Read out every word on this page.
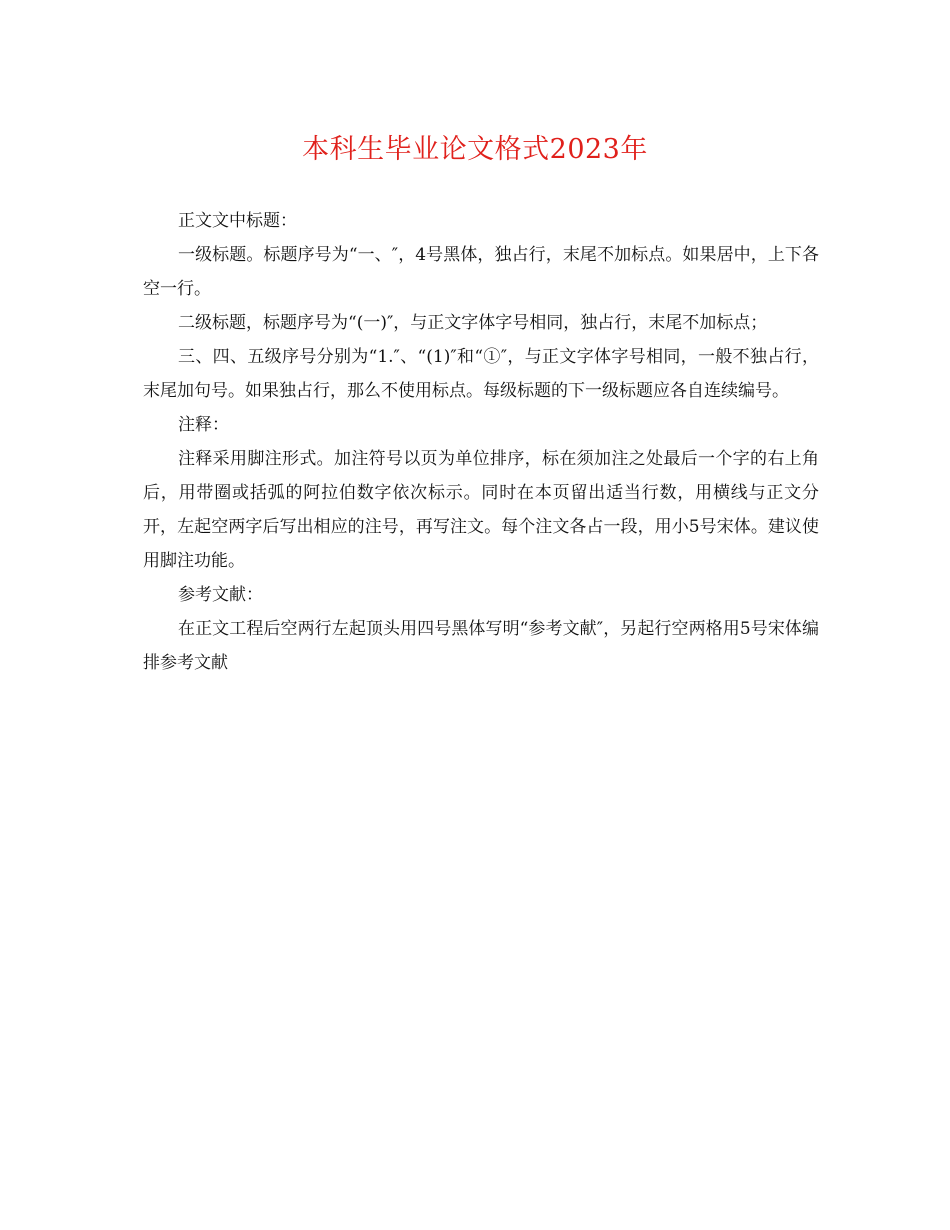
本科生毕业论文格式2023年

正文文中标题：

一级标题。标题序号为“一、″，4号黑体，独占行，末尾不加标点。如果居中，上下各空一行。

二级标题，标题序号为“(一)″，与正文字体字号相同，独占行，末尾不加标点；

三、四、五级序号分别为“1.″、“(1)″和“①″，与正文字体字号相同，一般不独占行，末尾加句号。如果独占行，那么不使用标点。每级标题的下一级标题应各自连续编号。

注释：

注释采用脚注形式。加注符号以页为单位排序，标在须加注之处最后一个字的右上角后，用带圈或括弧的阿拉伯数字依次标示。同时在本页留出适当行数，用横线与正文分开，左起空两字后写出相应的注号，再写注文。每个注文各占一段，用小5号宋体。建议使用脚注功能。

参考文献：

在正文工程后空两行左起顶头用四号黑体写明“参考文献″，另起行空两格用5号宋体编排参考文献
